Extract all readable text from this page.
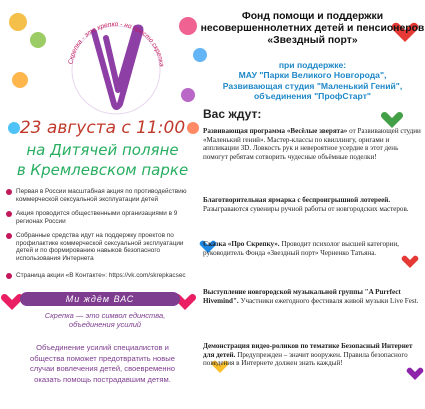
Скрепка - это крепко - но просто скрепка
23 августа с 11:00
на Дитячей поляне
в Кремлевском парке
Первая в России масштабная акция по противодействию коммерческой сексуальной эксплуатации детей
Акция проводится общественными организациями в 9 регионах России
Собранные средства идут на поддержку проектов по профилактике коммерческой сексуальной эксплуатации детей и по формированию навыков безопасного использования Интернета
Страница акции «В Контакте»: https://vk.com/skrepkacsec
Ми ждём ВАС
Скрепка — это символ единства,
объединения усилий
Объединение усилий специалистов и
общества поможет предотвратить новые
случаи вовлечения детей, своевременно
оказать помощь пострадавшим детям.
Фонд помощи и поддержки
несовершеннолетних детей и пенсионеров
«Звездный порт»
при поддержке:
МАУ "Парки Великого Новгорода",
Развивающая студия "Маленький Гений",
объединения "ПрофСтарт"
Вас ждут:
Развивающая программа «Весёлые зверята» от Развивающей студии «Маленький гений». Мастер-классы по квиллингу, оригами и аппликации 3D. Ловкость рук и невероятное усердие в этот день помогут ребятам сотворить чудесные объёмные поделки!
Благотворительная ярмарка с беспроигрышной лотереей. Разыграваются сувениры ручной работы от новгородских мастеров.
Сказка «Про Скрепку». Проводит психолог высшей категории, руководитель Фонда «Звездный порт» Черненко Татьяна.
Выступление новгородской музыкальной группы "A Purrfect Hivemind". Участники ежегодного фестиваля живой музыки Live Fest.
Демонстрация видео-роликов по тематике Безопасный Интернет для детей. Предупрежден – значит вооружен. Правила безопасного поведения в Интернете должен знать каждый!
